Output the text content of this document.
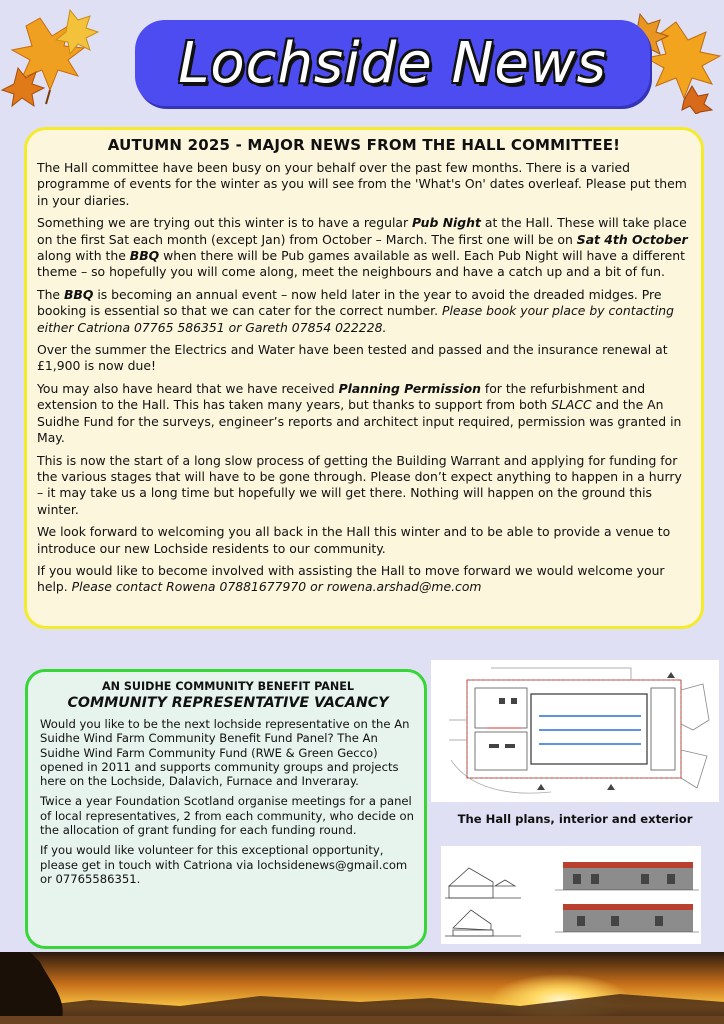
Lochside News
AUTUMN 2025 - MAJOR NEWS FROM THE HALL COMMITTEE!

The Hall committee have been busy on your behalf over the past few months. There is a varied programme of events for the winter as you will see from the 'What's On' dates overleaf. Please put them in your diaries.

Something we are trying out this winter is to have a regular Pub Night at the Hall. These will take place on the first Sat each month (except Jan) from October – March. The first one will be on Sat 4th October along with the BBQ when there will be Pub games available as well. Each Pub Night will have a different theme – so hopefully you will come along, meet the neighbours and have a catch up and a bit of fun.

The BBQ is becoming an annual event – now held later in the year to avoid the dreaded midges. Pre booking is essential so that we can cater for the correct number. Please book your place by contacting either Catriona 07765 586351 or Gareth 07854 022228.

Over the summer the Electrics and Water have been tested and passed and the insurance renewal at £1,900 is now due!

You may also have heard that we have received Planning Permission for the refurbishment and extension to the Hall. This has taken many years, but thanks to support from both SLACC and the An Suidhe Fund for the surveys, engineer’s reports and architect input required, permission was granted in May.

This is now the start of a long slow process of getting the Building Warrant and applying for funding for the various stages that will have to be gone through. Please don’t expect anything to happen in a hurry – it may take us a long time but hopefully we will get there. Nothing will happen on the ground this winter.

We look forward to welcoming you all back in the Hall this winter and to be able to provide a venue to introduce our new Lochside residents to our community.

If you would like to become involved with assisting the Hall to move forward we would welcome your help. Please contact Rowena 07881677970 or rowena.arshad@me.com

AN SUIDHE COMMUNITY BENEFIT PANEL
COMMUNITY REPRESENTATIVE VACANCY

Would you like to be the next lochside representative on the An Suidhe Wind Farm Community Benefit Fund Panel? The An Suidhe Wind Farm Community Fund (RWE & Green Gecco) opened in 2011 and supports community groups and projects here on the Lochside, Dalavich, Furnace and Inveraray.

Twice a year Foundation Scotland organise meetings for a panel of local representatives, 2 from each community, who decide on the allocation of grant funding for each funding round.

If you would like volunteer for this exceptional opportunity, please get in touch with Catriona via lochsidenews@gmail.com or 07765586351.

The Hall plans, interior and exterior
